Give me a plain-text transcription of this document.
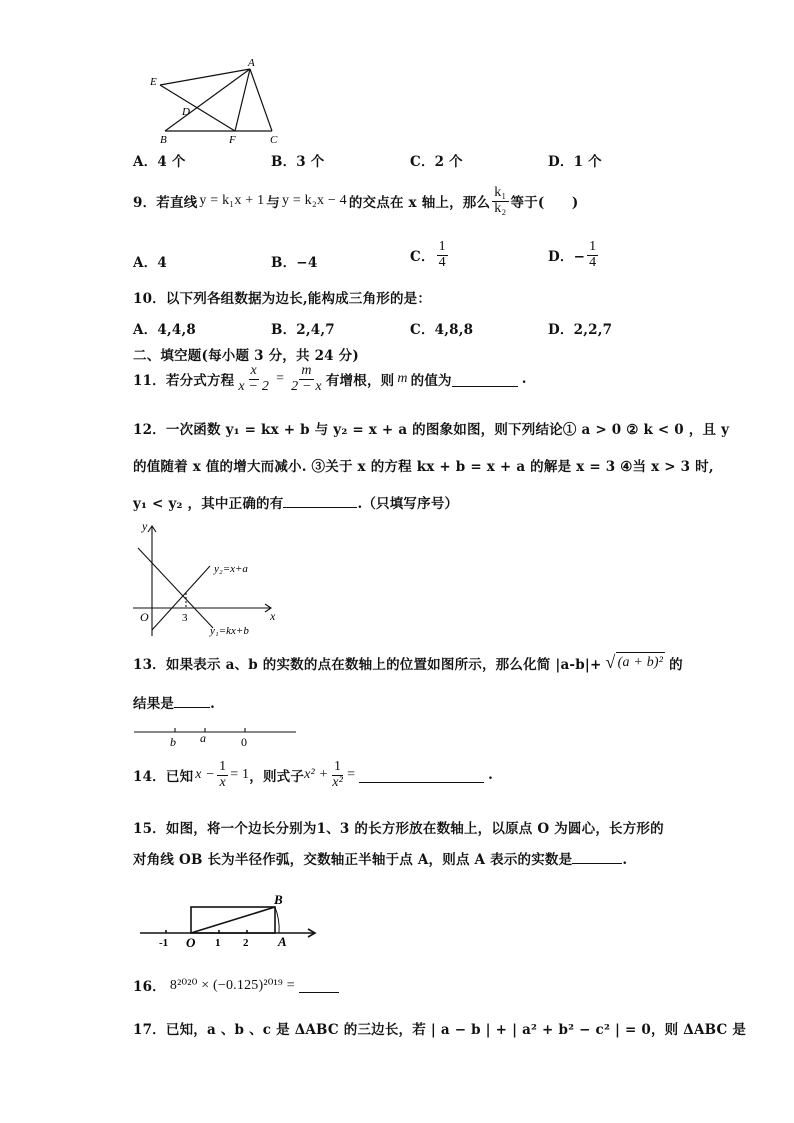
E
A
D
B	F	C
A．4 个	B．3 个	C．2 个	D．1 个
9． 若直线 y = k₁x + 1 与 y = k₂x − 4 的交点在 x 轴上，那么 $\frac{\text{k₁}}{\text{k₂}}$ 等于(　　)
A．4	B．−4	C． $\frac{1}{4}$	D．− $\frac{1}{4}$
10．以下列各组数据为边长,能构成三角形的是：
A．4,4,8	B．2,4,7	C．4,8,8	D．2,2,7
二、填空题(每小题 3 分，共 24 分)
11．若分式方程 $\frac{x}{x - 2} = \frac{m}{2 - x}$ 有增根，则 m 的值为	.
12．一次函数 y₁ = kx + b 与 y₂ = x + a 的图象如图，则下列结论① a > 0 ② k < 0 ，且 y
的值随着 x 值的增大而减小. ③关于 x 的方程 kx + b = x + a 的解是 x = 3 ④当 x > 3 时,
y₁ < y₂ ，其中正确的有	.（只填写序号）
y
x
O	3
y₂=x+a
y₁=kx+b
13．如果表示 a、b 的实数的点在数轴上的位置如图所示，那么化简 |a-b|+ √ (a + b)² 的
结果是	.
b a	0
14．已知 $x - \frac{1}{x} = 1$ ，则式子 $x^2 + \frac{1}{\text{x²}}$ =	.
15．如图，将一个边长分别为1、3 的长方形放在数轴上，以原点 O 为圆心，长方形的
对角线 OB 长为半径作弧，交数轴正半轴于点 A，则点 A 表示的实数是	.
B
A
O
-1	1 2
16． 8²⁰²⁰ × (−0.125)²⁰¹⁹ =
17．已知，a 、b 、c 是 ΔABC 的三边长，若 | a − b | + | a² + b² − c² | = 0，则 ΔABC 是
